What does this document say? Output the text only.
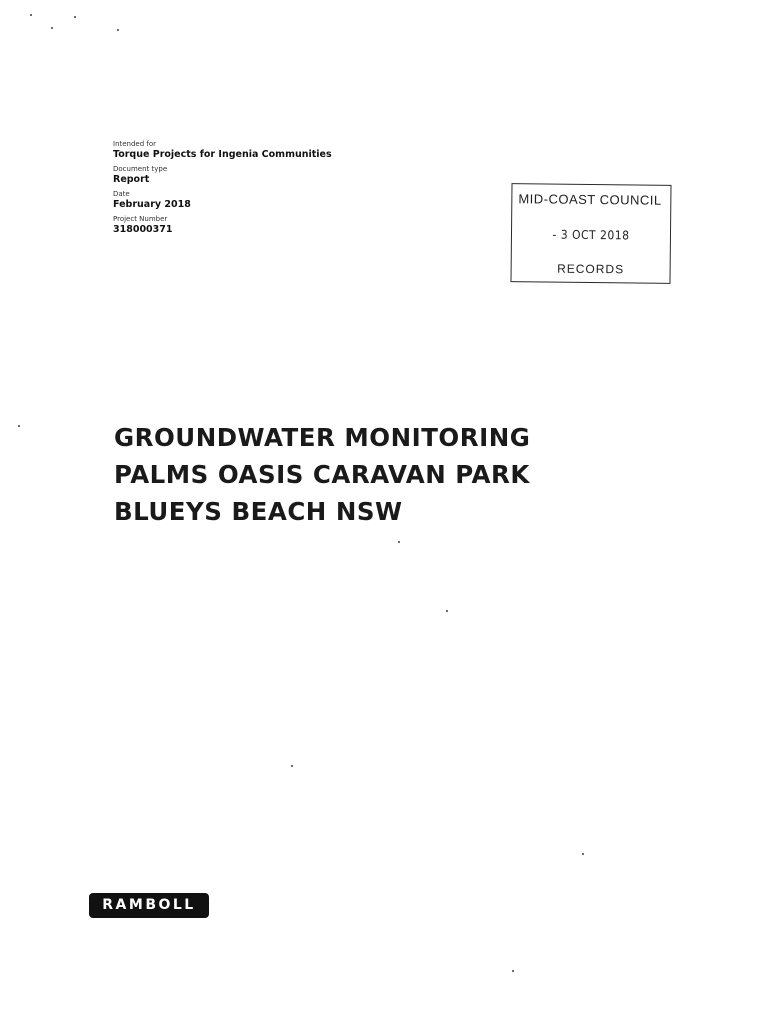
Intended for
Torque Projects for Ingenia Communities
Document type
Report
Date
February 2018
Project Number
318000371
MID-COAST COUNCIL
- 3 OCT 2018
RECORDS
GROUNDWATER MONITORING
PALMS OASIS CARAVAN PARK
BLUEYS BEACH NSW
RAMBOLL
